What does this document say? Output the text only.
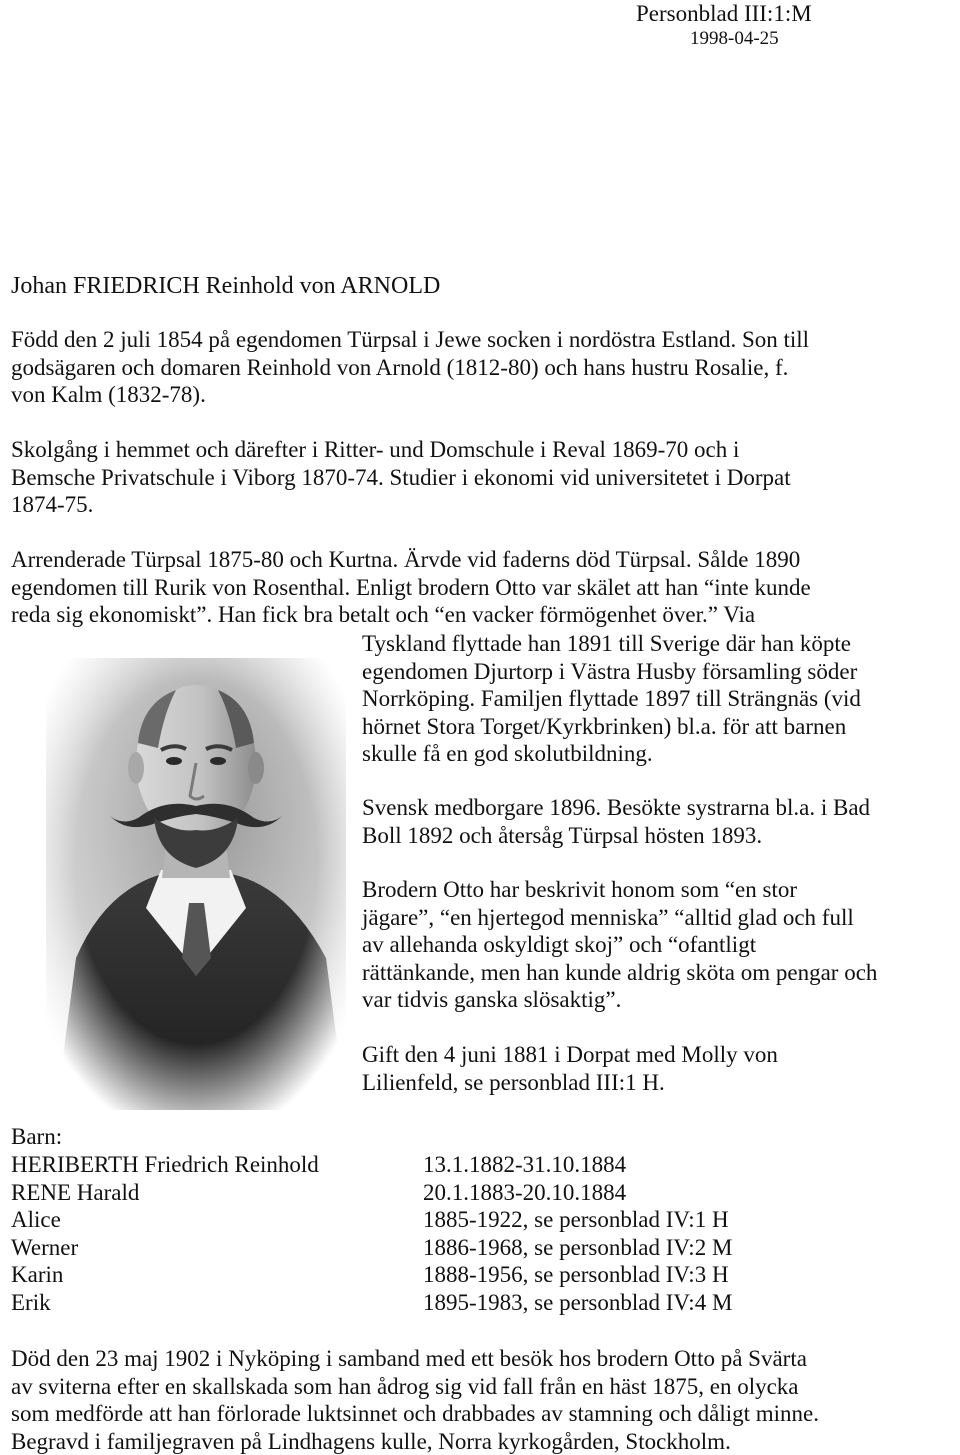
Personblad III:1:M
1998-04-25
Johan FRIEDRICH Reinhold von ARNOLD
Född den 2 juli 1854 på egendomen Türpsal i Jewe socken i nordöstra Estland. Son till
godsägaren och domaren Reinhold von Arnold (1812-80) och hans hustru Rosalie, f.
von Kalm (1832-78).
Skolgång i hemmet och därefter i Ritter- und Domschule i Reval 1869-70 och i
Bemsche Privatschule i Viborg 1870-74. Studier i ekonomi vid universitetet i Dorpat
1874-75.
Arrenderade Türpsal 1875-80 och Kurtna. Ärvde vid faderns död Türpsal. Sålde 1890
egendomen till Rurik von Rosenthal. Enligt brodern Otto var skälet att han “inte kunde
reda sig ekonomiskt”. Han fick bra betalt och “en vacker förmögenhet över.” Via
Tyskland flyttade han 1891 till Sverige där han köpte
egendomen Djurtorp i Västra Husby församling söder
Norrköping. Familjen flyttade 1897 till Strängnäs (vid
hörnet Stora Torget/Kyrkbrinken) bl.a. för att barnen
skulle få en god skolutbildning.
Svensk medborgare 1896. Besökte systrarna bl.a. i Bad
Boll 1892 och återsåg Türpsal hösten 1893.
Brodern Otto har beskrivit honom som “en stor
jägare”, “en hjertegod menniska” “alltid glad och full
av allehanda oskyldigt skoj” och “ofantligt
rättänkande, men han kunde aldrig sköta om pengar och
var tidvis ganska slösaktig”.
Gift den 4 juni 1881 i Dorpat med Molly von
Lilienfeld, se personblad III:1 H.
Barn:
HERIBERTH Friedrich Reinhold	13.1.1882-31.10.1884
RENE Harald	20.1.1883-20.10.1884
Alice	1885-1922, se personblad IV:1 H
Werner	1886-1968, se personblad IV:2 M
Karin	1888-1956, se personblad IV:3 H
Erik	1895-1983, se personblad IV:4 M
Död den 23 maj 1902 i Nyköping i samband med ett besök hos brodern Otto på Svärta
av sviterna efter en skallskada som han ådrog sig vid fall från en häst 1875, en olycka
som medförde att han förlorade luktsinnet och drabbades av stamning och dåligt minne.
Begravd i familjegraven på Lindhagens kulle, Norra kyrkogården, Stockholm.
